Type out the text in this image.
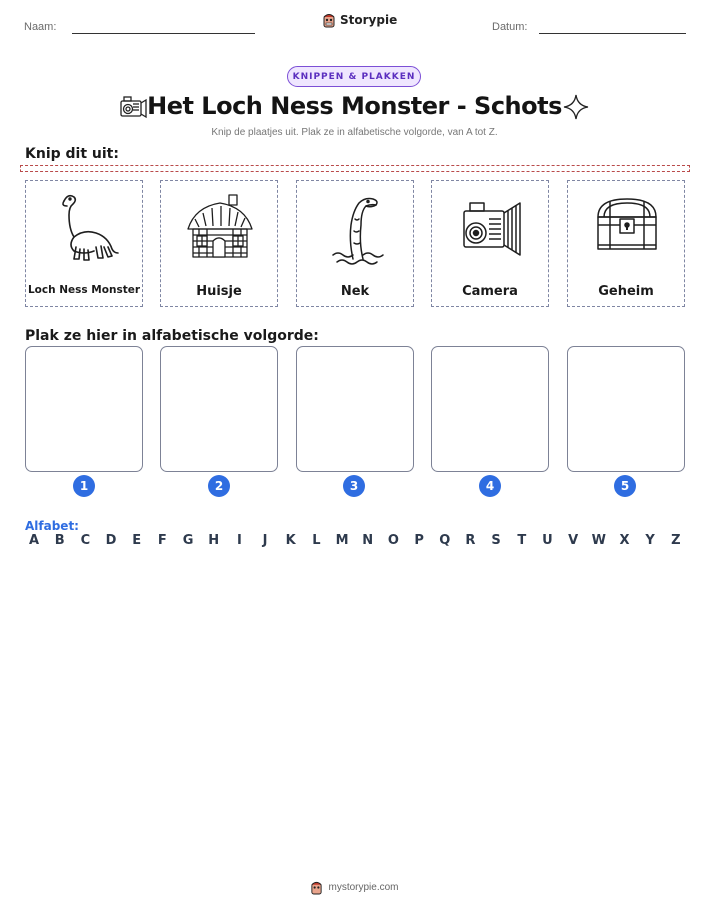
Naam:	Storypie	Datum:
KNIPPEN & PLAKKEN
Het Loch Ness Monster - Schots
Knip de plaatjes uit. Plak ze in alfabetische volgorde, van A tot Z.
Knip dit uit:
Loch Ness Monster	Huisje	Nek	Camera	Geheim
Plak ze hier in alfabetische volgorde:
1	2	3	4	5
Alfabet:
A	B	C	D	E	F	G H	I	J	K	L	M N O	P	Q	R	S	T	U	V	W	X	Y	Z
mystorypie.com
